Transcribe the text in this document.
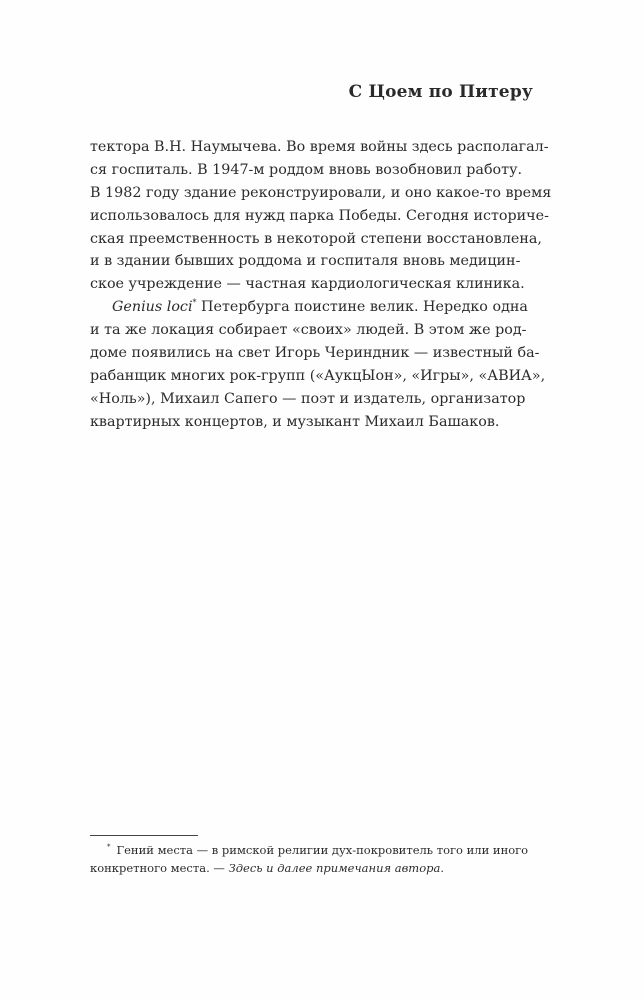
С Цоем по Питеру
тектора В.Н. Наумычева. Во время войны здесь располагал-
ся госпиталь. В 1947-м роддом вновь возобновил работу.
В 1982 году здание реконструировали, и оно какое-то время
использовалось для нужд парка Победы. Сегодня историче-
ская преемственность в некоторой степени восстановлена,
и в здании бывших роддома и госпиталя вновь медицин-
ское учреждение — частная кардиологическая клиника.
Genius loci* Петербурга поистине велик. Нередко одна
и та же локация собирает «своих» людей. В этом же род-
доме появились на свет Игорь Чериндник — известный ба-
рабанщик многих рок-групп («АукцЫон», «Игры», «АВИА»,
«Ноль»), Михаил Сапего — поэт и издатель, организатор
квартирных концертов, и музыкант Михаил Башаков.
* Гений места — в римской религии дух-покровитель того или иного
конкретного места. — Здесь и далее примечания автора.
